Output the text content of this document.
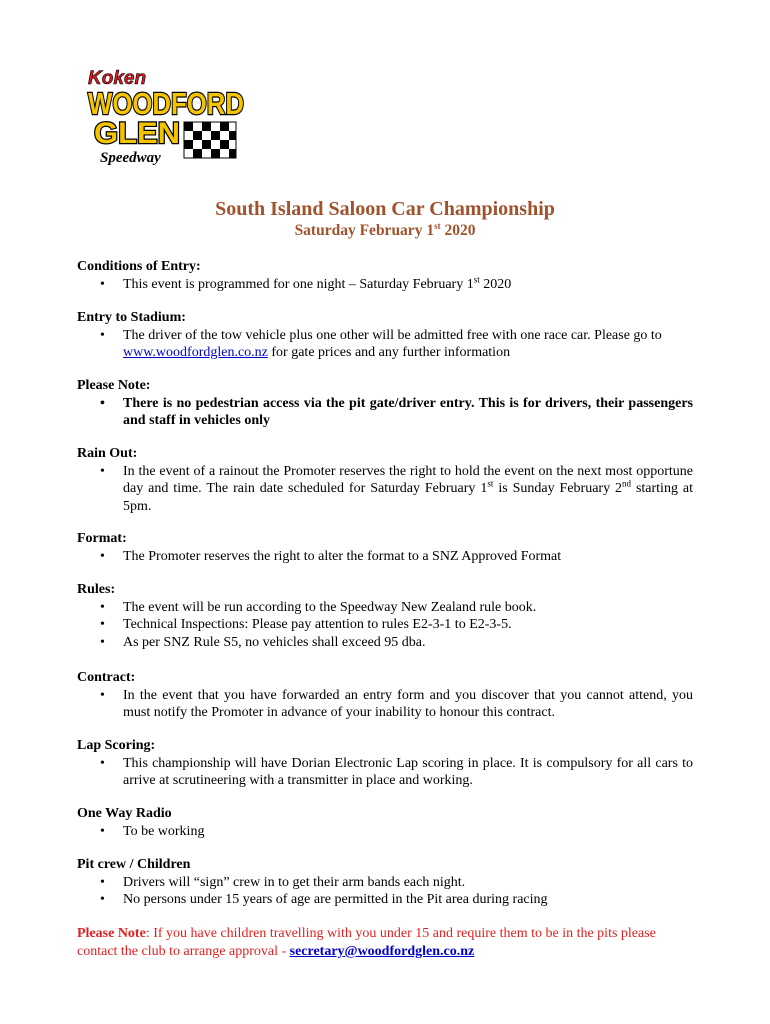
Koken
WOODFORD
GLEN
Speedway
South Island Saloon Car Championship
Saturday February 1st 2020
Conditions of Entry:
• This event is programmed for one night – Saturday February 1st 2020
Entry to Stadium:
• The driver of the tow vehicle plus one other will be admitted free with one race car. Please go to www.woodfordglen.co.nz for gate prices and any further information
Please Note:
• There is no pedestrian access via the pit gate/driver entry. This is for drivers, their passengers and staff in vehicles only
Rain Out:
• In the event of a rainout the Promoter reserves the right to hold the event on the next most opportune day and time. The rain date scheduled for Saturday February 1st is Sunday February 2nd starting at 5pm.
Format:
• The Promoter reserves the right to alter the format to a SNZ Approved Format
Rules:
• The event will be run according to the Speedway New Zealand rule book.
• Technical Inspections: Please pay attention to rules E2-3-1 to E2-3-5.
• As per SNZ Rule S5, no vehicles shall exceed 95 dba.
Contract:
• In the event that you have forwarded an entry form and you discover that you cannot attend, you must notify the Promoter in advance of your inability to honour this contract.
Lap Scoring:
• This championship will have Dorian Electronic Lap scoring in place. It is compulsory for all cars to arrive at scrutineering with a transmitter in place and working.
One Way Radio
• To be working
Pit crew / Children
• Drivers will “sign” crew in to get their arm bands each night.
• No persons under 15 years of age are permitted in the Pit area during racing
Please Note: If you have children travelling with you under 15 and require them to be in the pits please contact the club to arrange approval - secretary@woodfordglen.co.nz
